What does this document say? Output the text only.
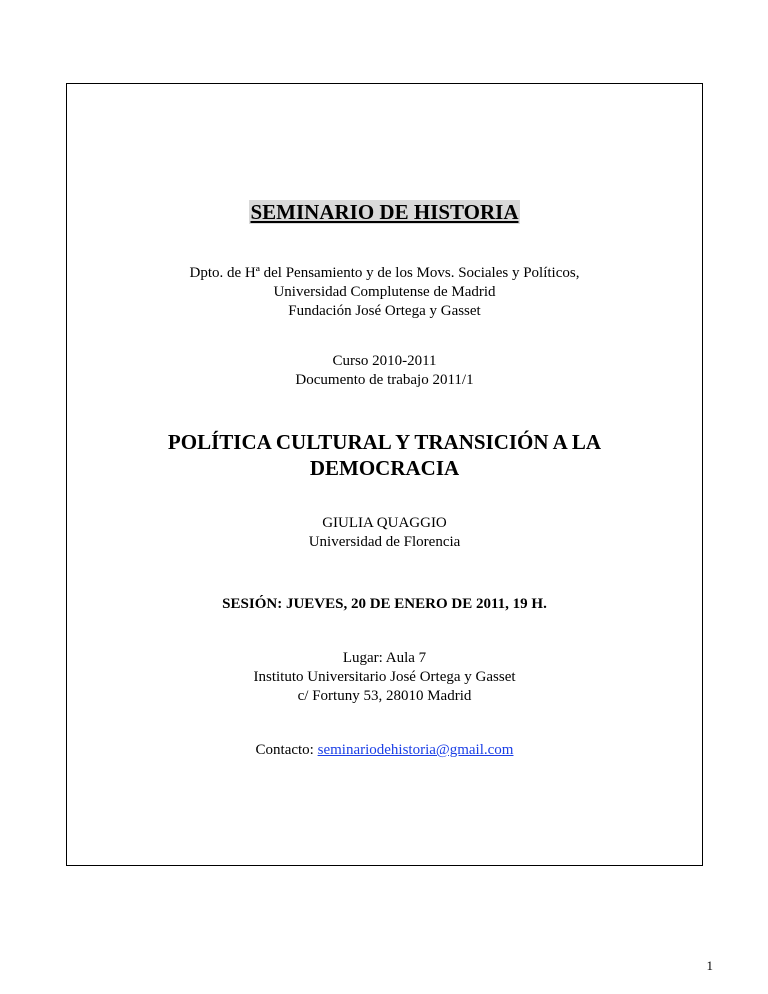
SEMINARIO DE HISTORIA
Dpto. de Hª del Pensamiento y de los Movs. Sociales y Políticos,
Universidad Complutense de Madrid
Fundación José Ortega y Gasset
Curso 2010-2011
Documento de trabajo 2011/1
POLÍTICA CULTURAL Y TRANSICIÓN A LA
DEMOCRACIA
GIULIA QUAGGIO
Universidad de Florencia
SESIÓN: JUEVES, 20 DE ENERO DE 2011, 19 H.
Lugar: Aula 7
Instituto Universitario José Ortega y Gasset
c/ Fortuny 53, 28010 Madrid
Contacto: seminariodehistoria@gmail.com
1
